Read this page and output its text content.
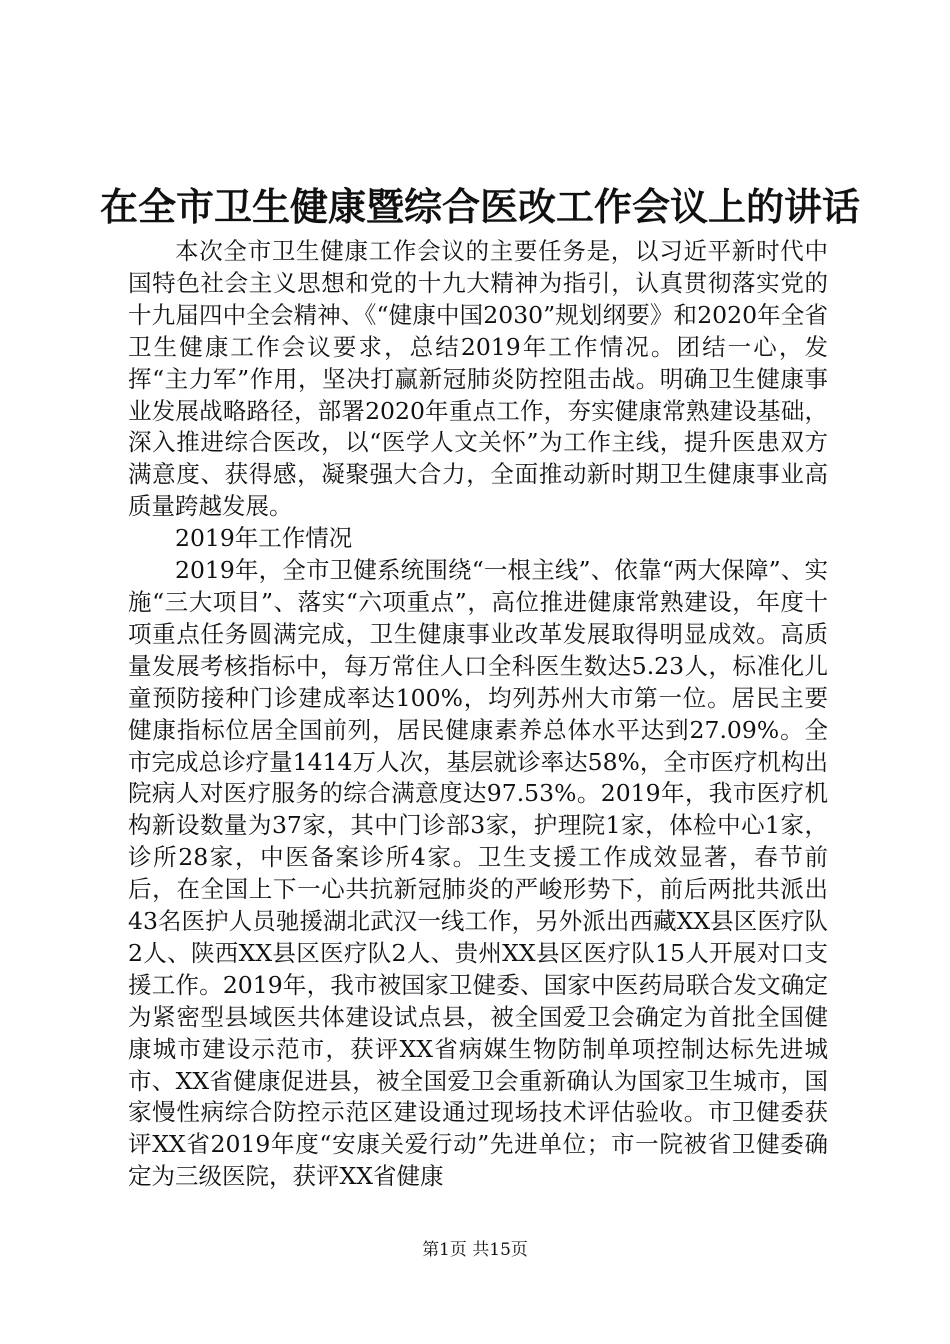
在全市卫生健康暨综合医改工作会议上的讲话

本次全市卫生健康工作会议的主要任务是，以习近平新时代中国特色社会主义思想和党的十九大精神为指引，认真贯彻落实党的十九届四中全会精神、《“健康中国2030”规划纲要》和2020年全省卫生健康工作会议要求，总结2019年工作情况。团结一心，发挥“主力军”作用，坚决打赢新冠肺炎防控阻击战。明确卫生健康事业发展战略路径，部署2020年重点工作，夯实健康常熟建设基础，深入推进综合医改，以“医学人文关怀”为工作主线，提升医患双方满意度、获得感，凝聚强大合力，全面推动新时期卫生健康事业高质量跨越发展。

2019年工作情况

2019年，全市卫健系统围绕“一根主线”、依靠“两大保障”、实施“三大项目”、落实“六项重点”，高位推进健康常熟建设，年度十项重点任务圆满完成，卫生健康事业改革发展取得明显成效。高质量发展考核指标中，每万常住人口全科医生数达5.23人，标准化儿童预防接种门诊建成率达100%，均列苏州大市第一位。居民主要健康指标位居全国前列，居民健康素养总体水平达到27.09%。全市完成总诊疗量1414万人次，基层就诊率达58%，全市医疗机构出院病人对医疗服务的综合满意度达97.53%。2019年，我市医疗机构新设数量为37家，其中门诊部3家，护理院1家，体检中心1家，诊所28家，中医备案诊所4家。卫生支援工作成效显著，春节前后，在全国上下一心共抗新冠肺炎的严峻形势下，前后两批共派出43名医护人员驰援湖北武汉一线工作，另外派出西藏XX县区医疗队2人、陕西XX县区医疗队2人、贵州XX县区医疗队15人开展对口支援工作。2019年，我市被国家卫健委、国家中医药局联合发文确定为紧密型县域医共体建设试点县，被全国爱卫会确定为首批全国健康城市建设示范市，获评XX省病媒生物防制单项控制达标先进城市、XX省健康促进县，被全国爱卫会重新确认为国家卫生城市，国家慢性病综合防控示范区建设通过现场技术评估验收。市卫健委获评XX省2019年度“安康关爱行动”先进单位；市一院被省卫健委确定为三级医院，获评XX省健康

第1页 共15页
